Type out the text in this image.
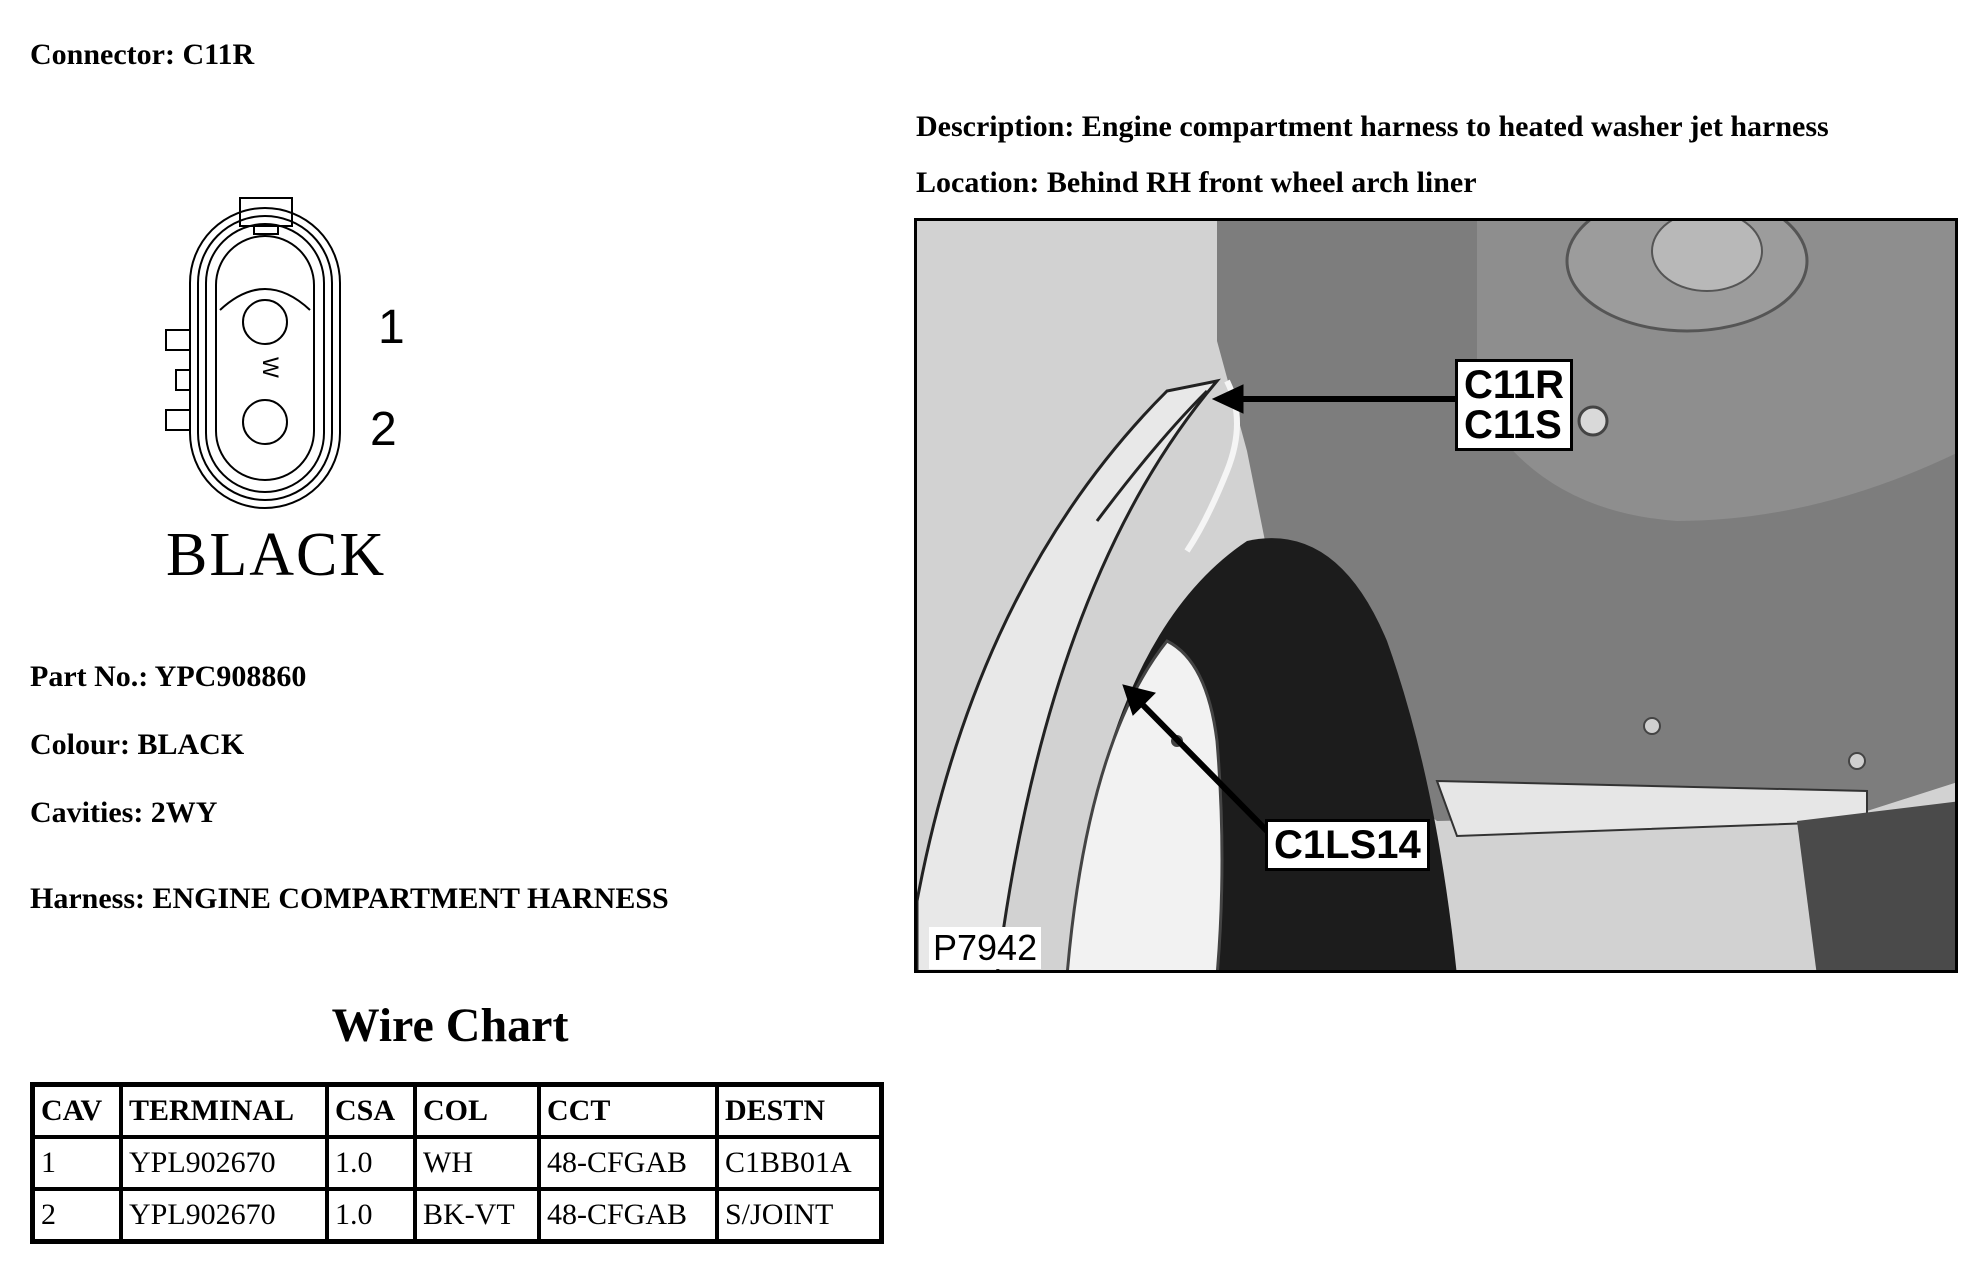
Connector: C11R
Description: Engine compartment harness to heated washer jet harness
Location: Behind RH front wheel arch liner
W
1
2
BLACK
Part No.: YPC908860
Colour: BLACK
Cavities: 2WY
Harness: ENGINE COMPARTMENT HARNESS
Wire Chart
CAV	TERMINAL	CSA	COL	CCT	DESTN
1	YPL902670	1.0	WH	48-CFGAB	C1BB01A
2	YPL902670	1.0	BK-VT	48-CFGAB	S/JOINT
C11R
C11S
C1LS14
P7942
